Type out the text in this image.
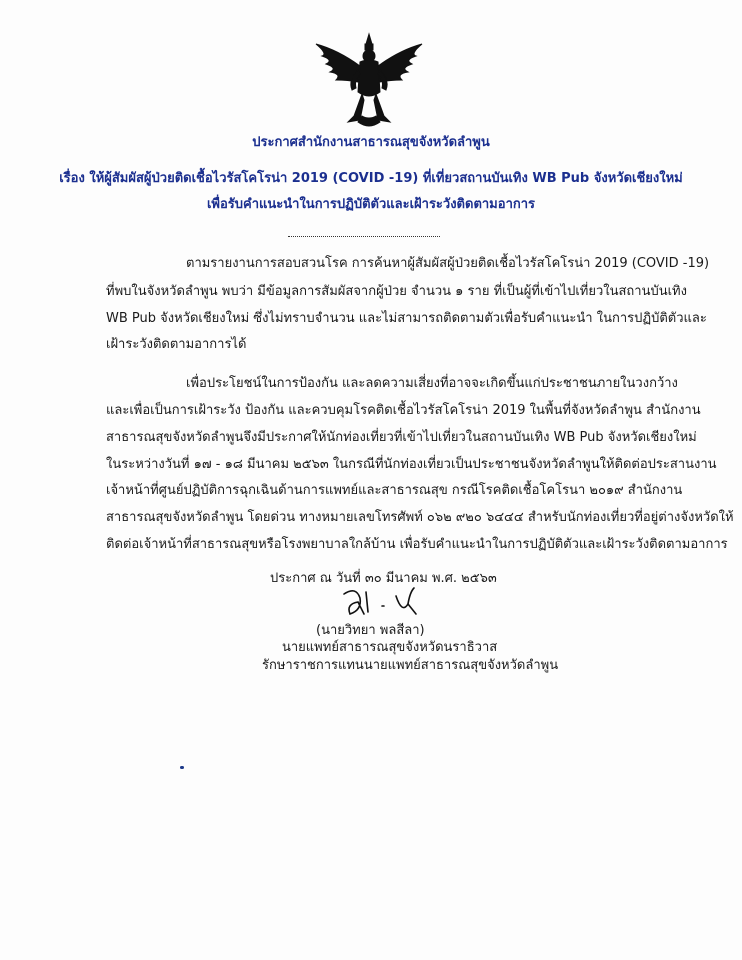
ประกาศสำนักงานสาธารณสุขจังหวัดลำพูน
เรื่อง ให้ผู้สัมผัสผู้ป่วยติดเชื้อไวรัสโคโรน่า 2019 (COVID -19) ที่เที่ยวสถานบันเทิง WB Pub จังหวัดเชียงใหม่
เพื่อรับคำแนะนำในการปฏิบัติตัวและเฝ้าระวังติดตามอาการ
ตามรายงานการสอบสวนโรค การค้นหาผู้สัมผัสผู้ป่วยติดเชื้อไวรัสโคโรน่า 2019 (COVID -19)
ที่พบในจังหวัดลำพูน พบว่า มีข้อมูลการสัมผัสจากผู้ป่วย จำนวน ๑ ราย ที่เป็นผู้ที่เข้าไปเที่ยวในสถานบันเทิง
WB Pub จังหวัดเชียงใหม่ ซึ่งไม่ทราบจำนวน และไม่สามารถติดตามตัวเพื่อรับคำแนะนำ ในการปฏิบัติตัวและ
เฝ้าระวังติดตามอาการได้
เพื่อประโยชน์ในการป้องกัน และลดความเสี่ยงที่อาจจะเกิดขึ้นแก่ประชาชนภายในวงกว้าง
และเพื่อเป็นการเฝ้าระวัง ป้องกัน และควบคุมโรคติดเชื้อไวรัสโคโรน่า 2019 ในพื้นที่จังหวัดลำพูน สำนักงาน
สาธารณสุขจังหวัดลำพูนจึงมีประกาศให้นักท่องเที่ยวที่เข้าไปเที่ยวในสถานบันเทิง WB Pub จังหวัดเชียงใหม่
ในระหว่างวันที่ ๑๗ - ๑๘ มีนาคม ๒๕๖๓ ในกรณีที่นักท่องเที่ยวเป็นประชาชนจังหวัดลำพูนให้ติดต่อประสานงาน
เจ้าหน้าที่ศูนย์ปฏิบัติการฉุกเฉินด้านการแพทย์และสาธารณสุข กรณีโรคติดเชื้อโคโรนา ๒๐๑๙ สำนักงาน
สาธารณสุขจังหวัดลำพูน โดยด่วน ทางหมายเลขโทรศัพท์ ๐๖๒ ๙๒๐ ๖๔๔๔ สำหรับนักท่องเที่ยวที่อยู่ต่างจังหวัดให้
ติดต่อเจ้าหน้าที่สาธารณสุขหรือโรงพยาบาลใกล้บ้าน เพื่อรับคำแนะนำในการปฏิบัติตัวและเฝ้าระวังติดตามอาการ
ประกาศ ณ วันที่ ๓๐ มีนาคม พ.ศ. ๒๕๖๓
(นายวิทยา พลสีลา)
นายแพทย์สาธารณสุขจังหวัดนราธิวาส
รักษาราชการแทนนายแพทย์สาธารณสุขจังหวัดลำพูน
